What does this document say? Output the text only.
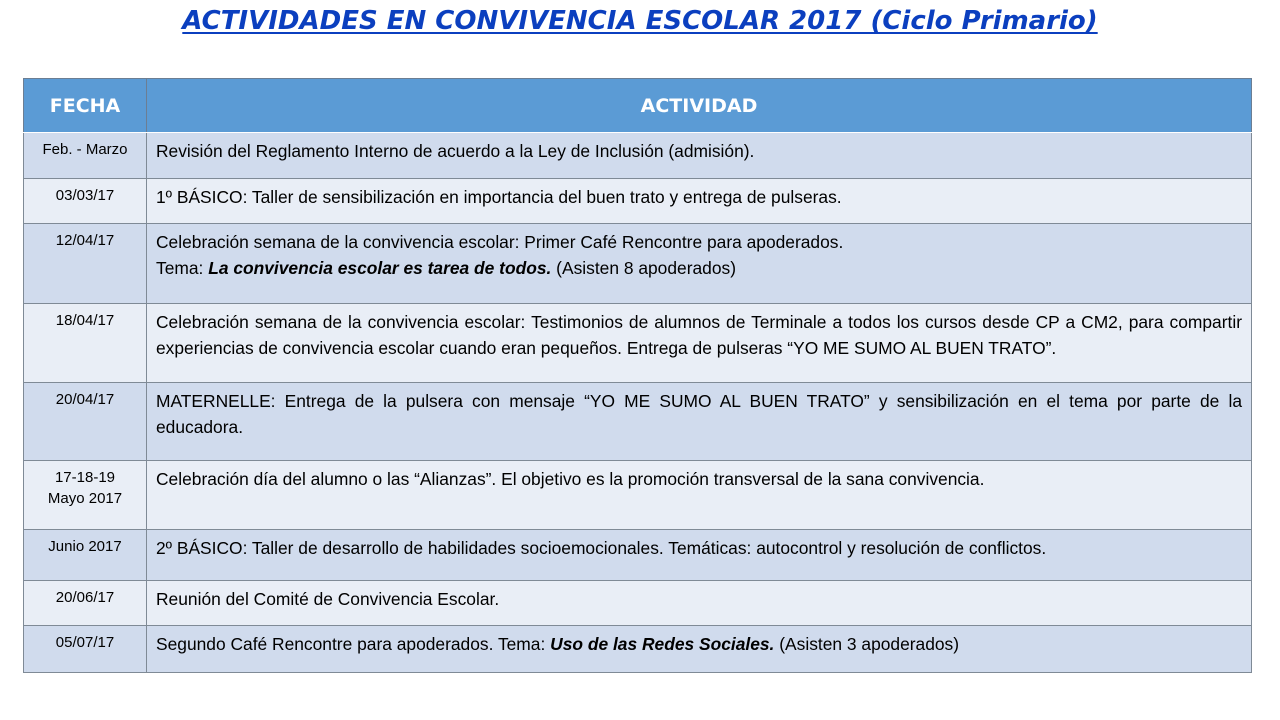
ACTIVIDADES EN CONVIVENCIA ESCOLAR 2017 (Ciclo Primario)
FECHA	ACTIVIDAD
Feb. - Marzo	Revisión del Reglamento Interno de acuerdo a la Ley de Inclusión (admisión).
03/03/17	1º BÁSICO: Taller de sensibilización en importancia del buen trato y entrega de pulseras.
12/04/17	Celebración semana de la convivencia escolar: Primer Café Rencontre para apoderados.
Tema: La convivencia escolar es tarea de todos. (Asisten 8 apoderados)

18/04/17	Celebración semana de la convivencia escolar: Testimonios de alumnos de Terminale a todos los cursos desde CP a CM2, para compartir experiencias de convivencia escolar cuando eran pequeños. Entrega de pulseras “YO ME SUMO AL BUEN TRATO”.
20/04/17	MATERNELLE: Entrega de la pulsera con mensaje “YO ME SUMO AL BUEN TRATO” y sensibilización en el tema por parte de la educadora.

17-18-19
Mayo 2017	Celebración día del alumno o las “Alianzas”. El objetivo es la promoción transversal de la sana convivencia.
Junio 2017	2º BÁSICO: Taller de desarrollo de habilidades socioemocionales. Temáticas: autocontrol y resolución de conflictos.
20/06/17	Reunión del Comité de Convivencia Escolar.
05/07/17	Segundo Café Rencontre para apoderados. Tema: Uso de las Redes Sociales. (Asisten 3 apoderados)
